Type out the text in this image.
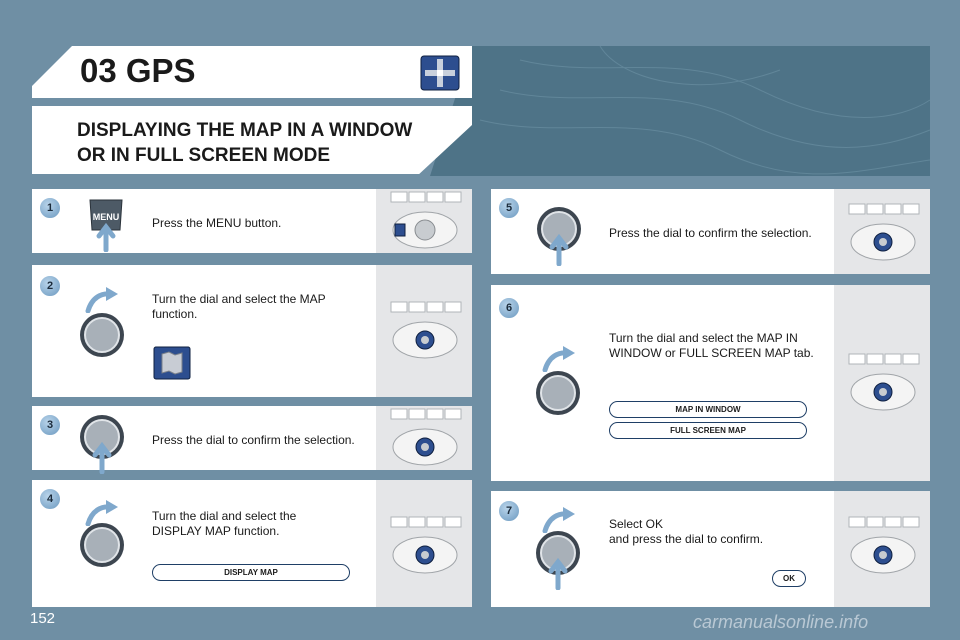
03 GPS
DISPLAYING THE MAP IN A WINDOW
OR IN FULL SCREEN MODE
1
2
3
4
5
6
7
MENU	Press the MENU button.
Turn the dial and select the MAP
function.
Press the dial to confirm the selection.
Turn the dial and select the
DISPLAY MAP function.
DISPLAY MAP
Press the dial to confirm the selection.
Turn the dial and select the MAP IN
WINDOW or FULL SCREEN MAP tab.
MAP IN WINDOW
FULL SCREEN MAP
Select OK
and press the dial to confirm.
OK
152	carmanualsonline.info
